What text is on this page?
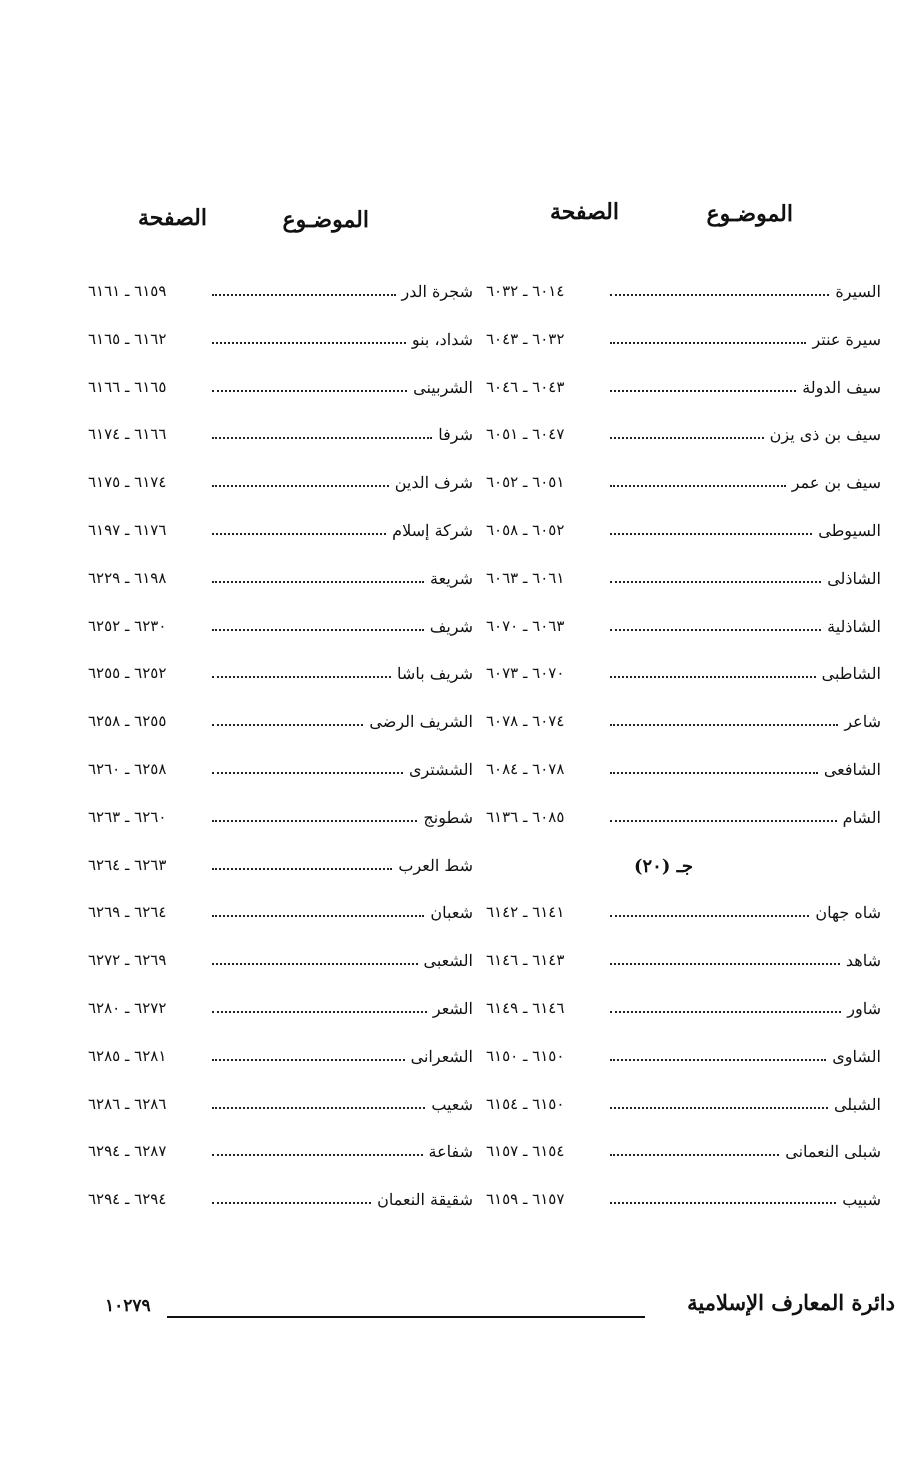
الموضـوع
الصفحة
السيرة
٦٠١٤ ـ ٦٠٣٢
سيرة عنتر
٦٠٣٢ ـ ٦٠٤٣
سيف الدولة
٦٠٤٣ ـ ٦٠٤٦
سيف بن ذى يزن
٦٠٤٧ ـ ٦٠٥١
سيف بن عمر
٦٠٥١ ـ ٦٠٥٢
السيوطى
٦٠٥٢ ـ ٦٠٥٨
الشاذلى
٦٠٦١ ـ ٦٠٦٣
الشاذلية
٦٠٦٣ ـ ٦٠٧٠
الشاطبى
٦٠٧٠ ـ ٦٠٧٣
شاعر
٦٠٧٤ ـ ٦٠٧٨
الشافعى
٦٠٧٨ ـ ٦٠٨٤
الشام
٦٠٨٥ ـ ٦١٣٦
جـ (٢٠)
شاه جهان
٦١٤١ ـ ٦١٤٢
شاهد
٦١٤٣ ـ ٦١٤٦
شاور
٦١٤٦ ـ ٦١٤٩
الشاوى
٦١٥٠ ـ ٦١٥٠
الشبلى
٦١٥٠ ـ ٦١٥٤
شبلى النعمانى
٦١٥٤ ـ ٦١٥٧
شبيب
٦١٥٧ ـ ٦١٥٩
الموضـوع
الصفحة
شجرة الدر
٦١٥٩ ـ ٦١٦١
شداد، بنو
٦١٦٢ ـ ٦١٦٥
الشربينى
٦١٦٥ ـ ٦١٦٦
شرفا
٦١٦٦ ـ ٦١٧٤
شرف الدين
٦١٧٤ ـ ٦١٧٥
شركة إسلام
٦١٧٦ ـ ٦١٩٧
شريعة
٦١٩٨ ـ ٦٢٢٩
شريف
٦٢٣٠ ـ ٦٢٥٢
شريف باشا
٦٢٥٢ ـ ٦٢٥٥
الشريف الرضى
٦٢٥٥ ـ ٦٢٥٨
الششترى
٦٢٥٨ ـ ٦٢٦٠
شطونج
٦٢٦٠ ـ ٦٢٦٣
شط العرب
٦٢٦٣ ـ ٦٢٦٤
شعبان
٦٢٦٤ ـ ٦٢٦٩
الشعبى
٦٢٦٩ ـ ٦٢٧٢
الشعر
٦٢٧٢ ـ ٦٢٨٠
الشعرانى
٦٢٨١ ـ ٦٢٨٥
شعيب
٦٢٨٦ ـ ٦٢٨٦
شفاعة
٦٢٨٧ ـ ٦٢٩٤
شقيقة النعمان
٦٢٩٤ ـ ٦٢٩٤
دائرة المعارف الإسلامية
١٠٢٧٩
